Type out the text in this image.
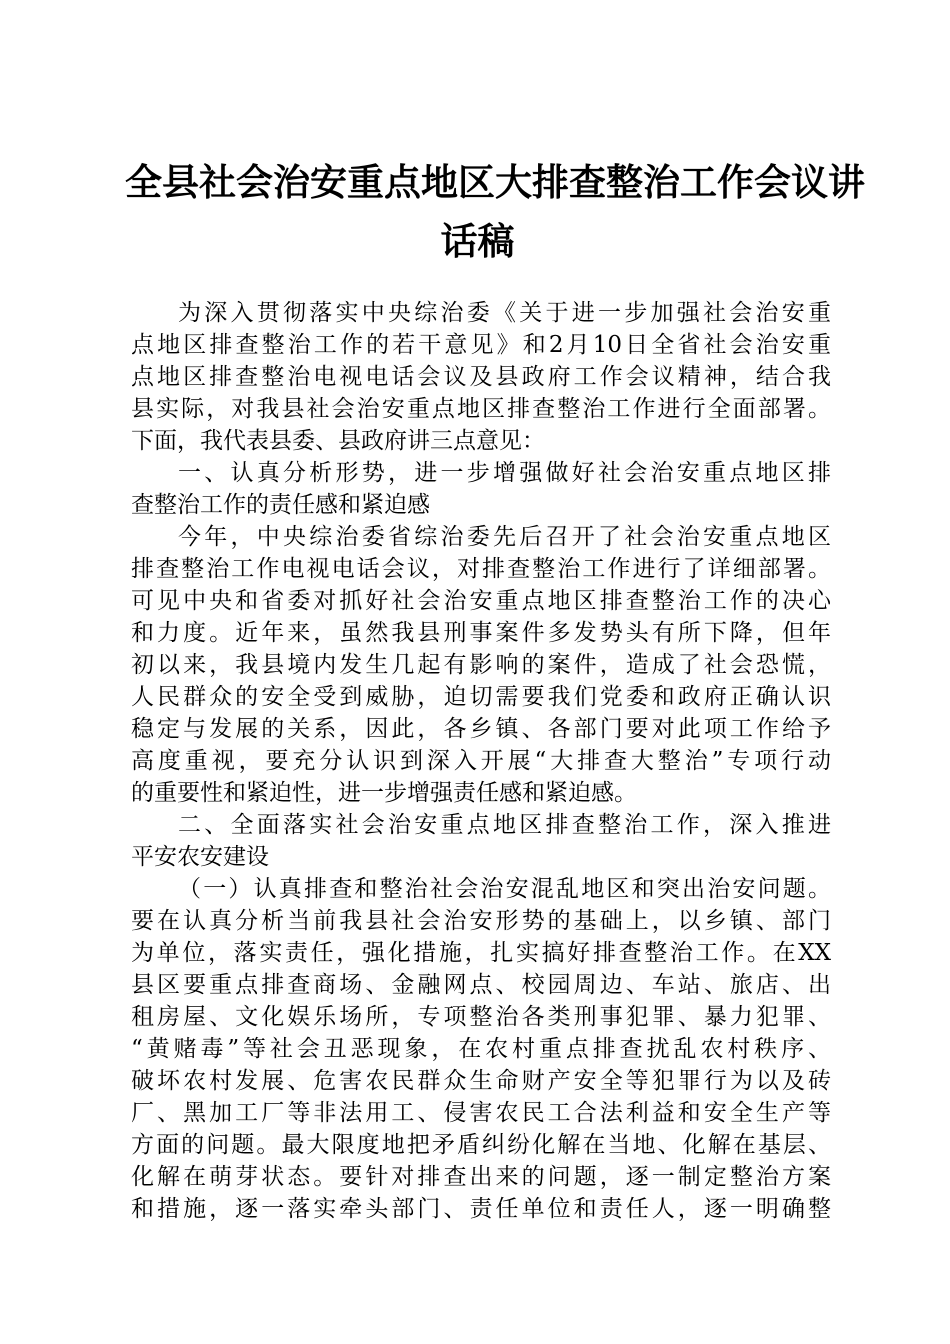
全县社会治安重点地区大排查整治工作会议讲
话稿
为深入贯彻落实中央综治委《关于进一步加强社会治安重
点地区排查整治工作的若干意见》和2月10日全省社会治安重
点地区排查整治电视电话会议及县政府工作会议精神，结合我
县实际，对我县社会治安重点地区排查整治工作进行全面部署。
下面，我代表县委、县政府讲三点意见：
一、认真分析形势，进一步增强做好社会治安重点地区排
查整治工作的责任感和紧迫感
今年，中央综治委省综治委先后召开了社会治安重点地区
排查整治工作电视电话会议，对排查整治工作进行了详细部署。
可见中央和省委对抓好社会治安重点地区排查整治工作的决心
和力度。近年来，虽然我县刑事案件多发势头有所下降，但年
初以来，我县境内发生几起有影响的案件，造成了社会恐慌，
人民群众的安全受到威胁，迫切需要我们党委和政府正确认识
稳定与发展的关系，因此，各乡镇、各部门要对此项工作给予
高度重视，要充分认识到深入开展“大排查大整治”专项行动
的重要性和紧迫性，进一步增强责任感和紧迫感。
二、全面落实社会治安重点地区排查整治工作，深入推进
平安农安建设
（一）认真排查和整治社会治安混乱地区和突出治安问题。
要在认真分析当前我县社会治安形势的基础上，以乡镇、部门
为单位，落实责任，强化措施，扎实搞好排查整治工作。在XX
县区要重点排查商场、金融网点、校园周边、车站、旅店、出
租房屋、文化娱乐场所，专项整治各类刑事犯罪、暴力犯罪、
“黄赌毒”等社会丑恶现象，在农村重点排查扰乱农村秩序、
破坏农村发展、危害农民群众生命财产安全等犯罪行为以及砖
厂、黑加工厂等非法用工、侵害农民工合法利益和安全生产等
方面的问题。最大限度地把矛盾纠纷化解在当地、化解在基层、
化解在萌芽状态。要针对排查出来的问题，逐一制定整治方案
和措施，逐一落实牵头部门、责任单位和责任人，逐一明确整
